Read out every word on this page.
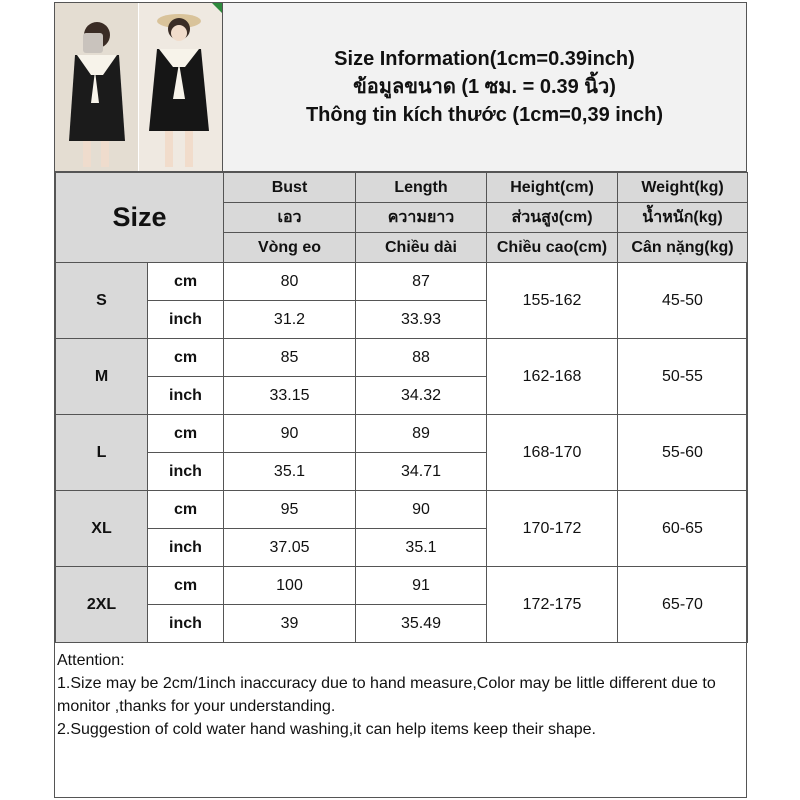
Size Information(1cm=0.39inch)
ข้อมูลขนาด (1 ซม. = 0.39 นิ้ว)
Thông tin kích thước (1cm=0,39 inch)
Size		Bust	Length	Height(cm)	Weight(kg)
		เอว	ความยาว	ส่วนสูง(cm)	น้ำหนัก(kg)
		Vòng eo	Chiều dài	Chiều cao(cm)	Cân nặng(kg)
S	cm	80	87	155-162	45-50
	inch	31.2	33.93		
M	cm	85	88	162-168	50-55
	inch	33.15	34.32		
L	cm	90	89	168-170	55-60
	inch	35.1	34.71		
XL	cm	95	90	170-172	60-65
	inch	37.05	35.1		
2XL	cm	100	91	172-175	65-70
	inch	39	35.49		
Attention:
1.Size may be 2cm/1inch inaccuracy due to hand measure,Color may be little different due to monitor ,thanks for your understanding.
2.Suggestion of cold water hand washing,it can help items keep their shape.
